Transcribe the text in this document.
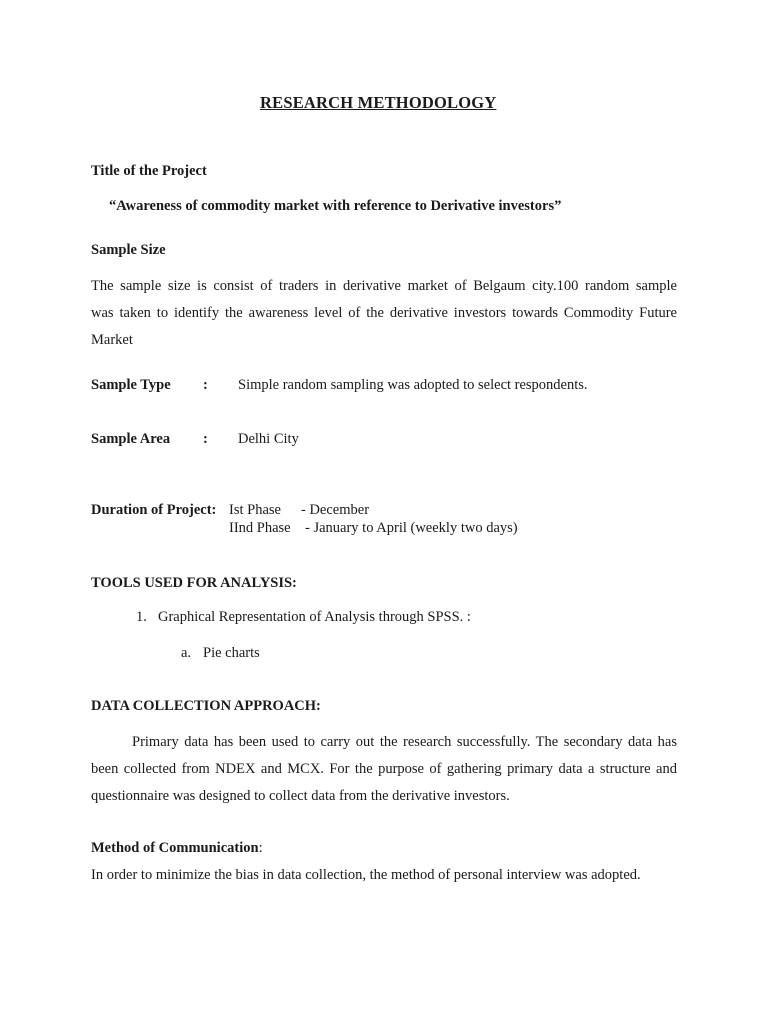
RESEARCH METHODOLOGY
Title of the Project
“Awareness of commodity market with reference to Derivative investors”
Sample Size
The sample size is consist of traders in derivative market of Belgaum city.100 random sample
was taken to identify the awareness level of the derivative investors towards Commodity Future
Market
Sample Type : Simple random sampling was adopted to select respondents.
Sample Area : Delhi City
Duration of Project: Ist Phase - December
IInd Phase - January to April (weekly two days)
TOOLS USED FOR ANALYSIS:
1. Graphical Representation of Analysis through SPSS. :
a. Pie charts
DATA COLLECTION APPROACH:
Primary data has been used to carry out the research successfully. The secondary data has
been collected from NDEX and MCX. For the purpose of gathering primary data a structure and
questionnaire was designed to collect data from the derivative investors.
Method of Communication:
In order to minimize the bias in data collection, the method of personal interview was adopted.
